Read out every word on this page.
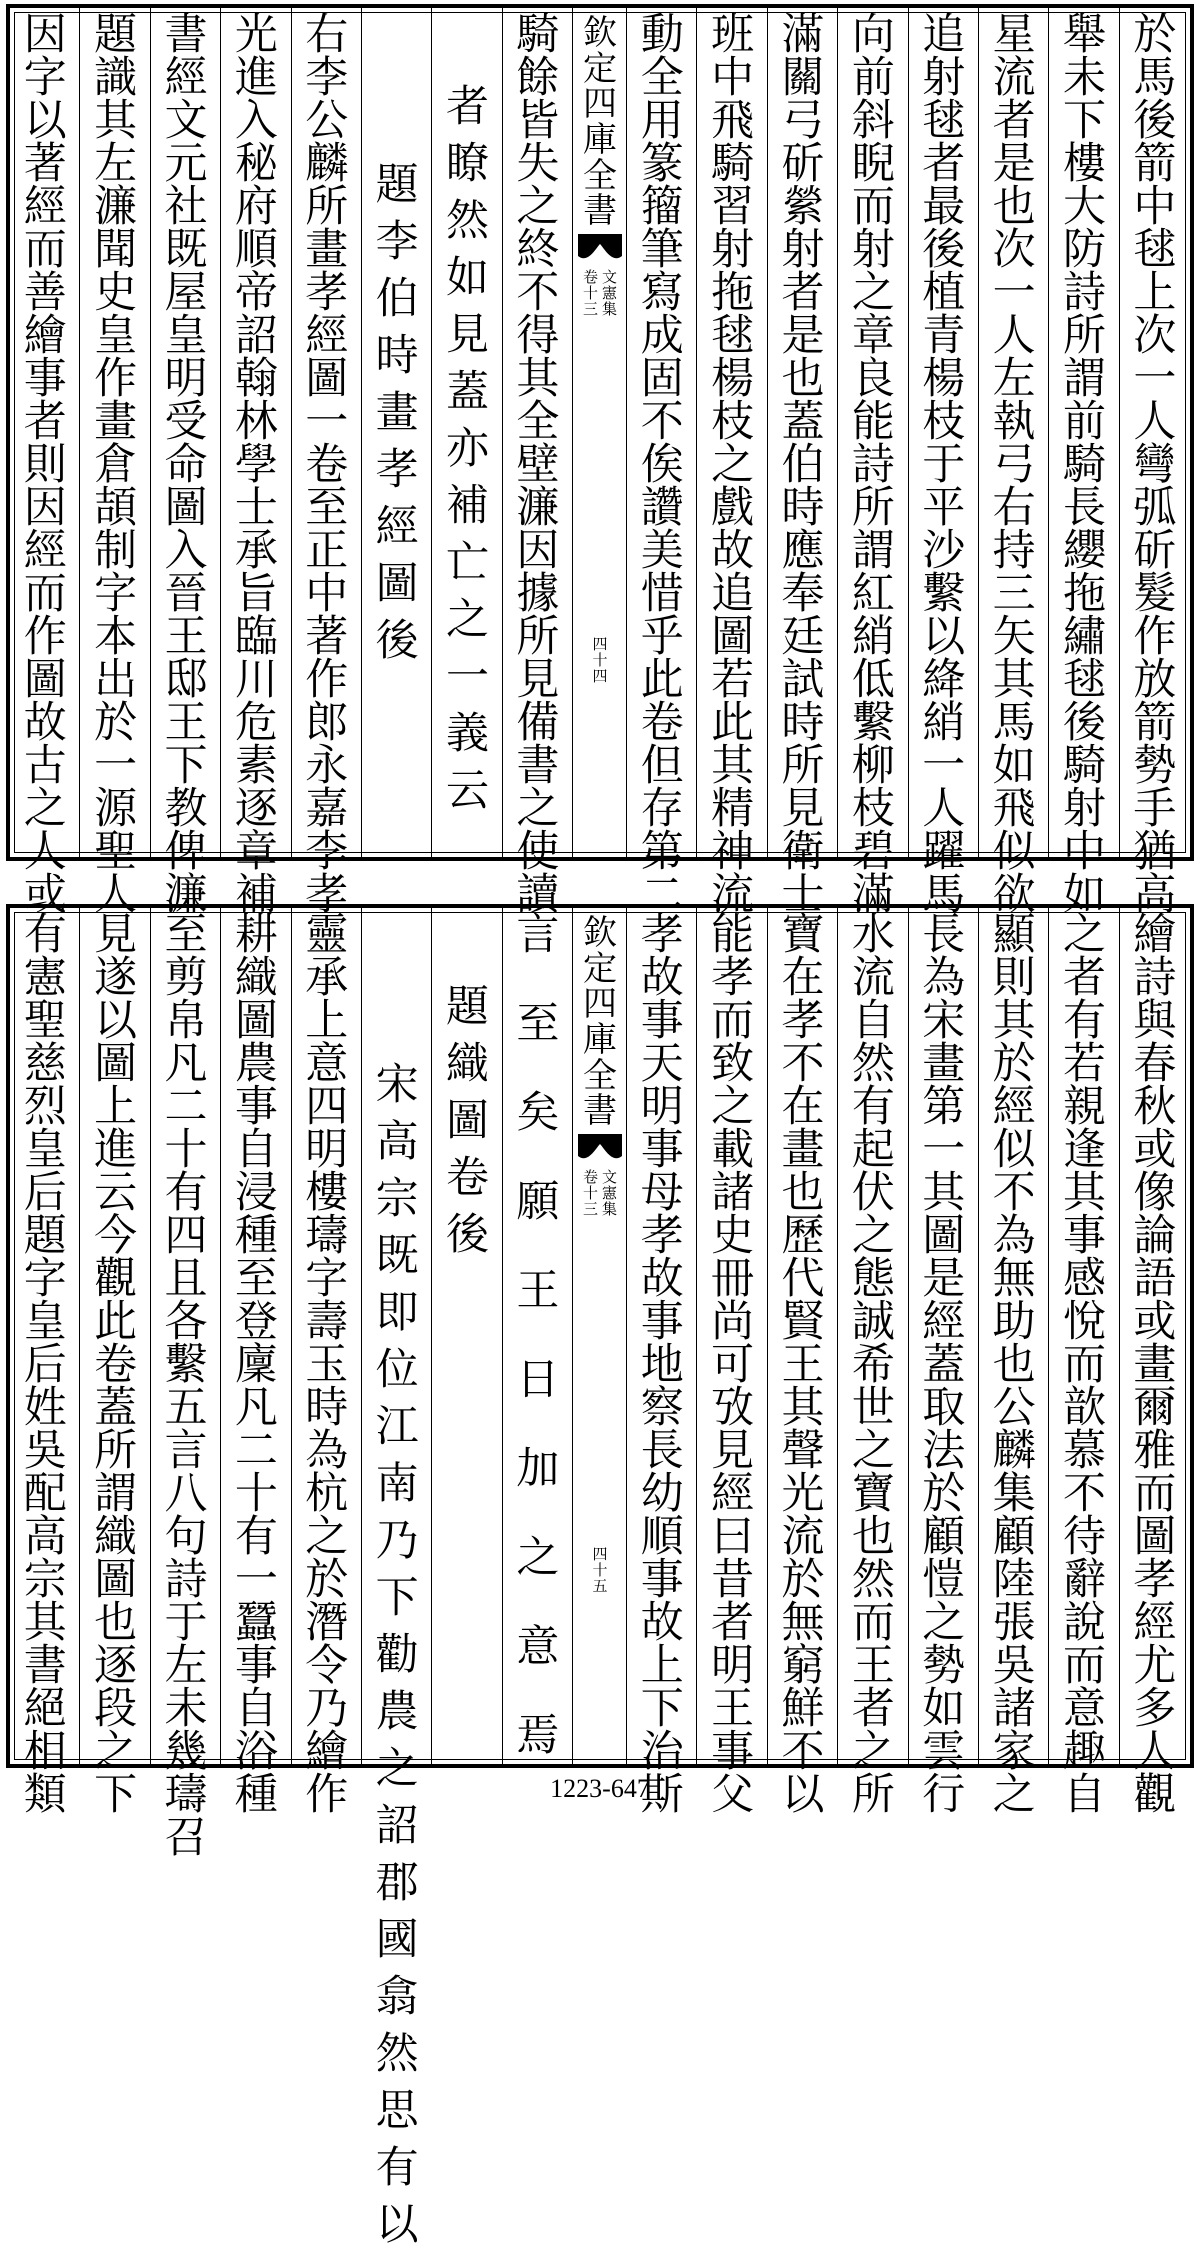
於
馬
後
箭
中
毬
上
次
一
人
彎
弧
斫
髮
作
放
箭
勢
手
猶
高
舉
未
下
樓
大
防
詩
所
謂
前
騎
長
纓
拖
繡
毬
後
騎
射
中
如
星
流
者
是
也
次
一
人
左
執
弓
右
持
三
矢
其
馬
如
飛
似
欲
追
射
毬
者
最
後
植
青
楊
枝
于
平
沙
繫
以
絳
綃
一
人
躍
馬
向
前
斜
睨
而
射
之
章
良
能
詩
所
謂
紅
綃
低
繫
柳
枝
碧
滿
滿
關
弓
斫
縈
射
者
是
也
蓋
伯
時
應
奉
廷
試
時
所
見
衛
士
班
中
飛
騎
習
射
拖
毬
楊
枝
之
戲
故
追
圖
若
此
其
精
神
流
動
全
用
篆
籀
筆
寫
成
固
不
俟
讚
美
惜
乎
此
卷
但
存
第
二
騎
餘
皆
失
之
終
不
得
其
全
壁
濂
因
據
所
見
備
書
之
使
讀
者
瞭
然
如
見
蓋
亦
補
亡
之
一
義
云
題
李
伯
時
畫
孝
經
圖
後
右
李
公
麟
所
畫
孝
經
圖
一
卷
至
正
中
著
作
郎
永
嘉
李
孝
光
進
入
秘
府
順
帝
詔
翰
林
學
士
承
旨
臨
川
危
素
逐
章
補
書
經
文
元
社
既
屋
皇
明
受
命
圖
入
晉
王
邸
王
下
教
俾
濂
題
識
其
左
濂
聞
史
皇
作
畫
倉
頡
制
字
本
出
於
一
源
聖
人
因
字
以
著
經
而
善
繪
事
者
則
因
經
而
作
圖
故
古
之
人
或
欽
定
四
庫
全
書
文
憲
集
卷
十
三
四
十
四
繪
詩
與
春
秋
或
像
論
語
或
畫
爾
雅
而
圖
孝
經
尤
多
人
觀
之
者
有
若
親
逢
其
事
感
悅
而
歆
慕
不
待
辭
說
而
意
趣
自
顯
則
其
於
經
似
不
為
無
助
也
公
麟
集
顧
陸
張
吳
諸
家
之
長
為
宋
畫
第
一
其
圖
是
經
蓋
取
法
於
顧
愷
之
勢
如
雲
行
水
流
自
然
有
起
伏
之
態
誠
希
世
之
寶
也
然
而
王
者
之
所
寶
在
孝
不
在
畫
也
歷
代
賢
王
其
聲
光
流
於
無
窮
鮮
不
以
能
孝
而
致
之
載
諸
史
冊
尚
可
攷
見
經
曰
昔
者
明
王
事
父
孝
故
事
天
明
事
母
孝
故
事
地
察
長
幼
順
事
故
上
下
治
斯
言
至
矣
願
王
日
加
之
意
焉
題
織
圖
卷
後
宋
高
宗
既
即
位
江
南
乃
下
勸
農
之
詔
郡
國
翕
然
思
有
以
靈
承
上
意
四
明
樓
璹
字
壽
玉
時
為
杭
之
於
潛
令
乃
繪
作
耕
織
圖
農
事
自
浸
種
至
登
廩
凡
二
十
有
一
蠶
事
自
浴
種
至
剪
帛
凡
二
十
有
四
且
各
繫
五
言
八
句
詩
于
左
未
幾
璹
召
見
遂
以
圖
上
進
云
今
觀
此
卷
蓋
所
謂
織
圖
也
逐
段
之
下
有
憲
聖
慈
烈
皇
后
題
字
皇
后
姓
吳
配
高
宗
其
書
絕
相
類
欽
定
四
庫
全
書
文
憲
集
卷
十
三
四
十
五
1223-647
